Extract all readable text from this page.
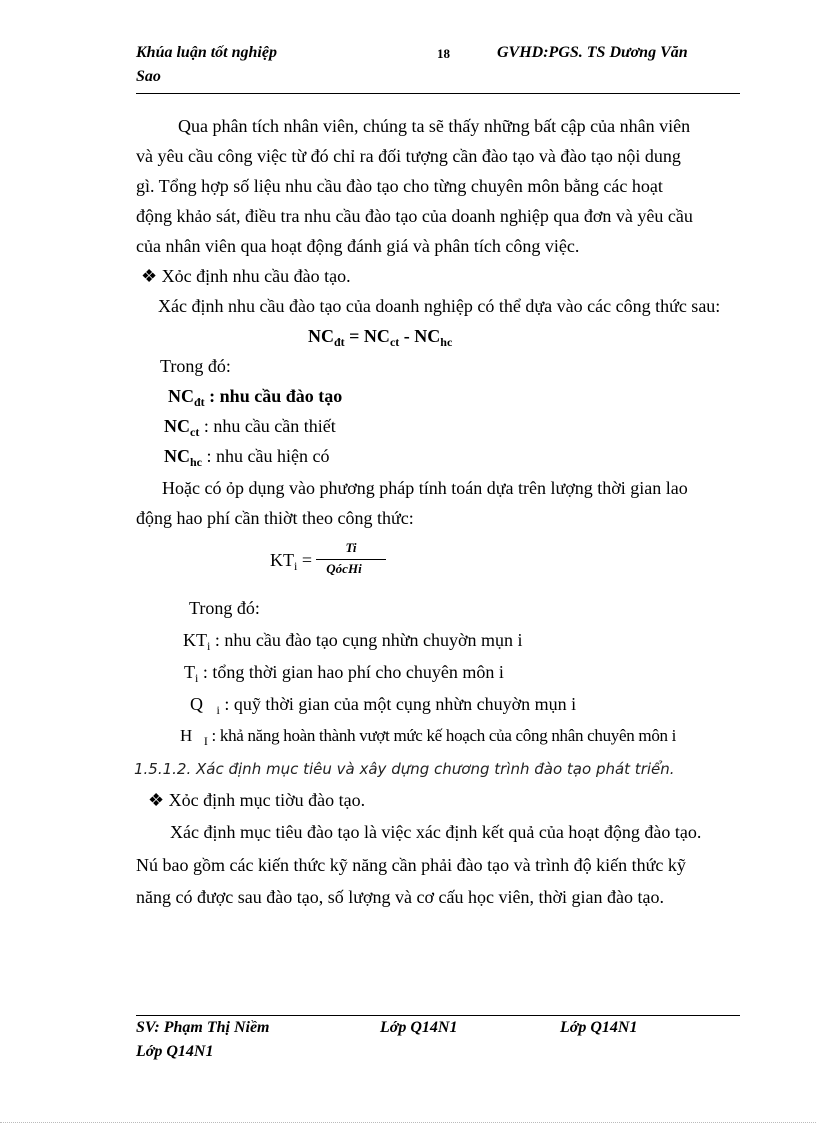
Khúa luận tốt nghiệp	18	GVHD:PGS. TS Dương Văn
Sao
Qua phân tích nhân viên, chúng ta sẽ thấy những bất cập của nhân viên
và yêu cầu công việc từ đó chỉ ra đối tượng cần đào tạo và đào tạo nội dung
gì. Tổng hợp số liệu nhu cầu đào tạo cho từng chuyên môn bằng các hoạt
động khảo sát, điều tra nhu cầu đào tạo của doanh nghiệp qua đơn và yêu cầu
của nhân viên qua hoạt động đánh giá và phân tích công việc.
❖ Xỏc định nhu cầu đào tạo.
Xác định nhu cầu đào tạo của doanh nghiệp có thể dựa vào các công thức sau:
$NC_{đt} = NC_{ct} - NC_{hc}$
Trong đó:
$NC_{đt}$ : nhu cầu đào tạo
$NC_{ct}$ : nhu cầu cần thiết
$NC_{hc}$ : nhu cầu hiện có
Hoặc có ỏp dụng vào phương pháp tính toán dựa trên lượng thời gian lao
động hao phí cần thiờt theo công thức:
$KT_i$ =
Ti
QócHi
Trong đó:
$KT_i$ : nhu cầu đào tạo cụng nhừn chuyờn mụn i
$T_i$ : tổng thời gian hao phí cho chuyên môn i
Q $_i$ : quỹ thời gian của một cụng nhừn chuyờn mụn i
H $_I$ : khả năng hoàn thành vượt mức kế hoạch của công nhân chuyên môn i
1.5.1.2. Xác định mục tiêu và xây dựng chương trình đào tạo phát triển.
❖ Xỏc định mục tiờu đào tạo.
Xác định mục tiêu đào tạo là việc xác định kết quả của hoạt động đào tạo.
Nú bao gồm các kiến thức kỹ năng cần phải đào tạo và trình độ kiến thức kỹ
năng có được sau đào tạo, số lượng và cơ cấu học viên, thời gian đào tạo.
SV: Phạm Thị Niềm	Lớp Q14N1	Lớp Q14N1
Lớp Q14N1
